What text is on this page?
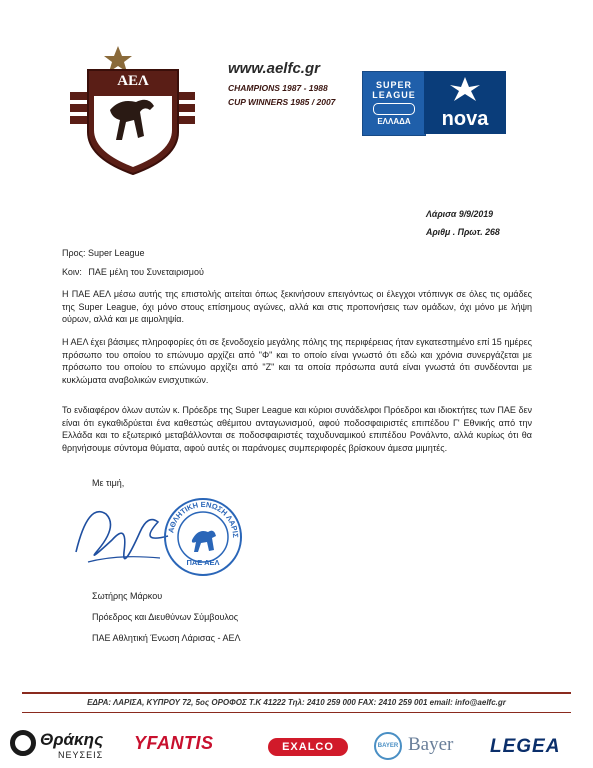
ΑΕΛ
www.aelfc.gr
CHAMPIONS 1987 - 1988
CUP WINNERS 1985 / 2007
SUPER
LEAGUE
ΕΛΛΑΔΑ	nova
Λάρισα 9/9/2019
Αριθμ . Πρωτ. 268
Προς: Super League
Κοιν: ΠΑΕ μέλη του Συνεταιρισμού
Η ΠΑΕ ΑΕΛ μέσω αυτής της επιστολής αιτείται όπως ξεκινήσουν επειγόντως οι έλεγχοι ντόπινγκ σε όλες τις ομάδες της Super League, όχι μόνο στους επίσημους αγώνες, αλλά και στις προπονήσεις των ομάδων, όχι μόνο με λήψη ούρων, αλλά και με αιμοληψία.
Η ΑΕΛ έχει βάσιμες πληροφορίες ότι σε ξενοδοχείο μεγάλης πόλης της περιφέρειας ήταν εγκατεστημένο επί 15 ημέρες πρόσωπο του οποίου το επώνυμο αρχίζει από "Φ" και το οποίο είναι γνωστό ότι εδώ και χρόνια συνεργάζεται με πρόσωπο του οποίου το επώνυμο αρχίζει από "Ζ" και τα οποία πρόσωπα αυτά είναι γνωστά ότι συνδέονται με κυκλώματα αναβολικών ενισχυτικών.
Το ενδιαφέρον όλων αυτών κ. Πρόεδρε της Super League και κύριοι συνάδελφοι Πρόεδροι και ιδιοκτήτες των ΠΑΕ δεν είναι ότι εγκαθιδρύεται ένα καθεστώς αθέμιτου ανταγωνισμού, αφού ποδοσφαιριστές επιπέδου Γ' Εθνικής από την Ελλάδα και το εξωτερικό μεταβάλλονται σε ποδοσφαιριστές ταχυδυναμικού επιπέδου Ρονάλντο, αλλά κυρίως ότι θα θρηνήσουμε σύντομα θύματα, αφού αυτές οι παράνομες συμπεριφορές βρίσκουν άμεσα μιμητές.
Με τιμή,
ΑΘΛΗΤΙΚΗ ΕΝΩΣΗ ΛΑΡΙΣ
ΠΑΕ ΑΕΛ
Σωτήρης Μάρκου
Πρόεδρος και Διευθύνων Σύμβουλος
ΠΑΕ Αθλητική Ένωση Λάρισας - ΑΕΛ
ΕΔΡΑ: ΛΑΡΙΣΑ, ΚΥΠΡΟΥ 72, 5ος ΟΡΟΦΟΣ Τ.Κ 41222 Τηλ: 2410 259 000 FAX: 2410 259 001 email: info@aelfc.gr
Θράκης
ΝΕΥΣΕΙΣ
YFANTIS	EXALCO	BAYER Bayer LEGEA
